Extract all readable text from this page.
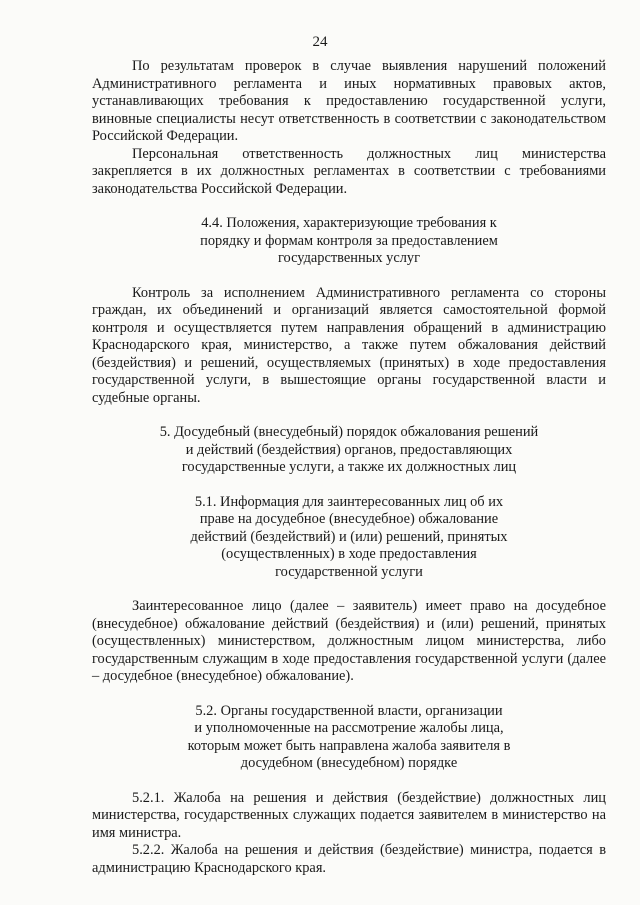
24

По результатам проверок в случае выявления нарушений положений Административного регламента и иных нормативных правовых актов, устанавливающих требования к предоставлению государственной услуги, виновные специалисты несут ответственность в соответствии с законодательством Российской Федерации.

Персональная ответственность должностных лиц министерства закрепляется в их должностных регламентах в соответствии с требованиями законодательства Российской Федерации.

4.4. Положения, характеризующие требования к
порядку и формам контроля за предоставлением
государственных услуг

Контроль за исполнением Административного регламента со стороны граждан, их объединений и организаций является самостоятельной формой контроля и осуществляется путем направления обращений в администрацию Краснодарского края, министерство, а также путем обжалования действий (бездействия) и решений, осуществляемых (принятых) в ходе предоставления государственной услуги, в вышестоящие органы государственной власти и судебные органы.

5. Досудебный (внесудебный) порядок обжалования решений
и действий (бездействия) органов, предоставляющих
государственные услуги, а также их должностных лиц
5.1. Информация для заинтересованных лиц об их
праве на досудебное (внесудебное) обжалование
действий (бездействий) и (или) решений, принятых
(осуществленных) в ходе предоставления
государственной услуги

Заинтересованное лицо (далее – заявитель) имеет право на досудебное (внесудебное) обжалование действий (бездействия) и (или) решений, принятых (осуществленных) министерством, должностным лицом министерства, либо государственным служащим в ходе предоставления государственной услуги (далее – досудебное (внесудебное) обжалование).

5.2. Органы государственной власти, организации
и уполномоченные на рассмотрение жалобы лица,
которым может быть направлена жалоба заявителя в
досудебном (внесудебном) порядке

5.2.1. Жалоба на решения и действия (бездействие) должностных лиц министерства, государственных служащих подается заявителем в министерство на имя министра.

5.2.2. Жалоба на решения и действия (бездействие) министра, подается в администрацию Краснодарского края.
